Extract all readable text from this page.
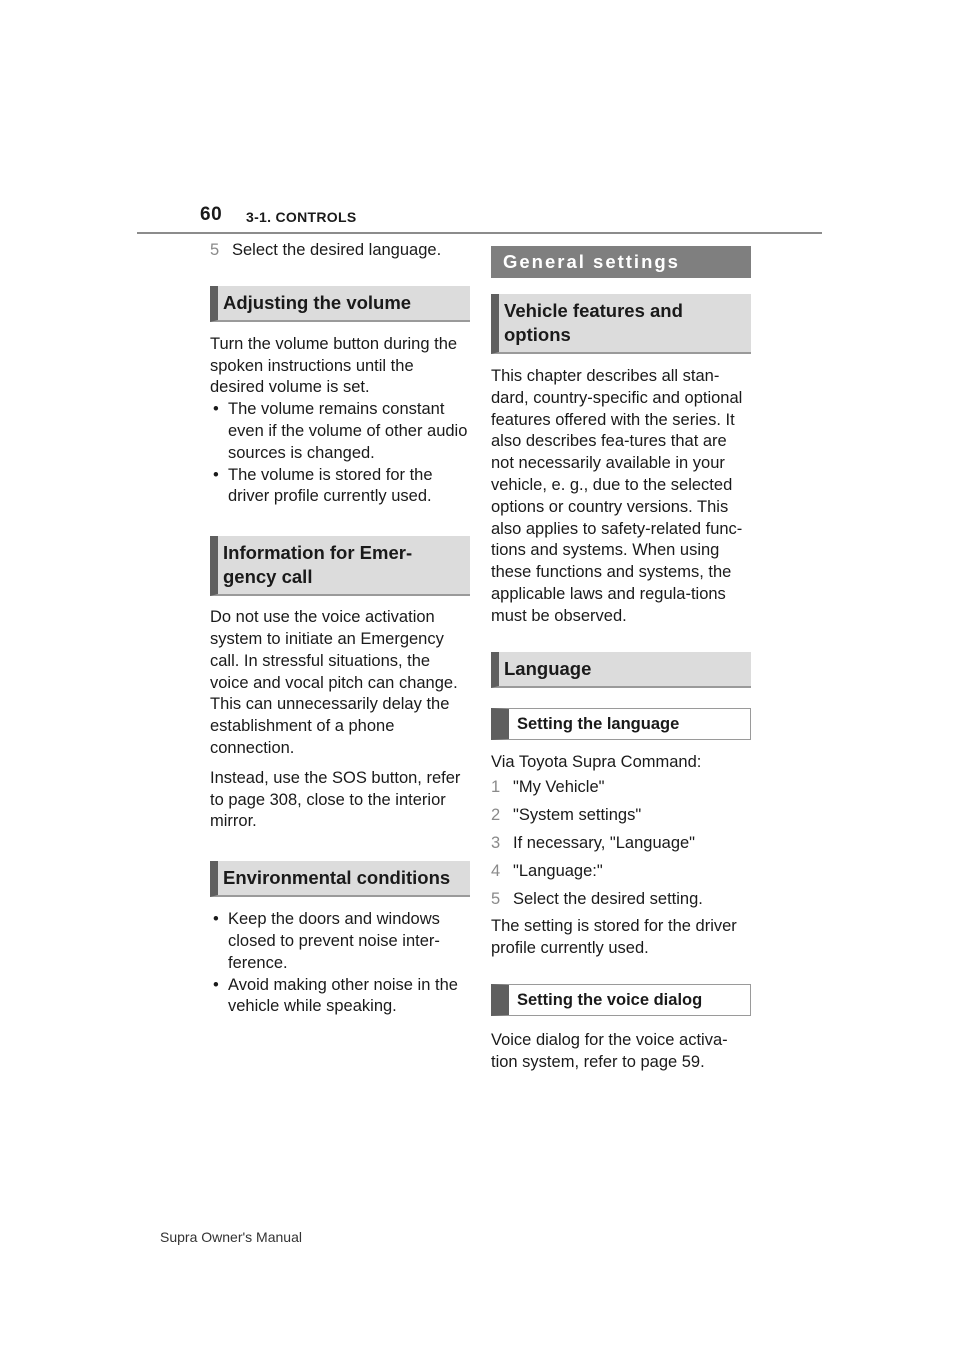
60 3-1. CONTROLS
5 Select the desired language.
Adjusting the volume

Turn the volume button during the spoken instructions until the desired volume is set.

• The volume remains constant even if the volume of other audio sources is changed.
• The volume is stored for the driver profile currently used.
Information for Emer-gency call

Do not use the voice activation system to initiate an Emergency call. In stressful situations, the voice and vocal pitch can change. This can unnecessarily delay the establishment of a phone connection.

Instead, use the SOS button, refer to page 308, close to the interior mirror.

Environmental conditions
• Keep the doors and windows closed to prevent noise inter-ference.
• Avoid making other noise in the vehicle while speaking.
General settings
Vehicle features and options

This chapter describes all stan-dard, country-specific and optional features offered with the series. It also describes fea-tures that are not necessarily available in your vehicle, e. g., due to the selected options or country versions. This also applies to safety-related func-tions and systems. When using these functions and systems, the applicable laws and regula-tions must be observed.

Language
Setting the language

Via Toyota Supra Command:

1 "My Vehicle"
2 "System settings"
3 If necessary, "Language"
4 "Language:"
5 Select the desired setting.

The setting is stored for the driver profile currently used.

Setting the voice dialog

Voice dialog for the voice activa-tion system, refer to page 59.

Supra Owner's Manual
